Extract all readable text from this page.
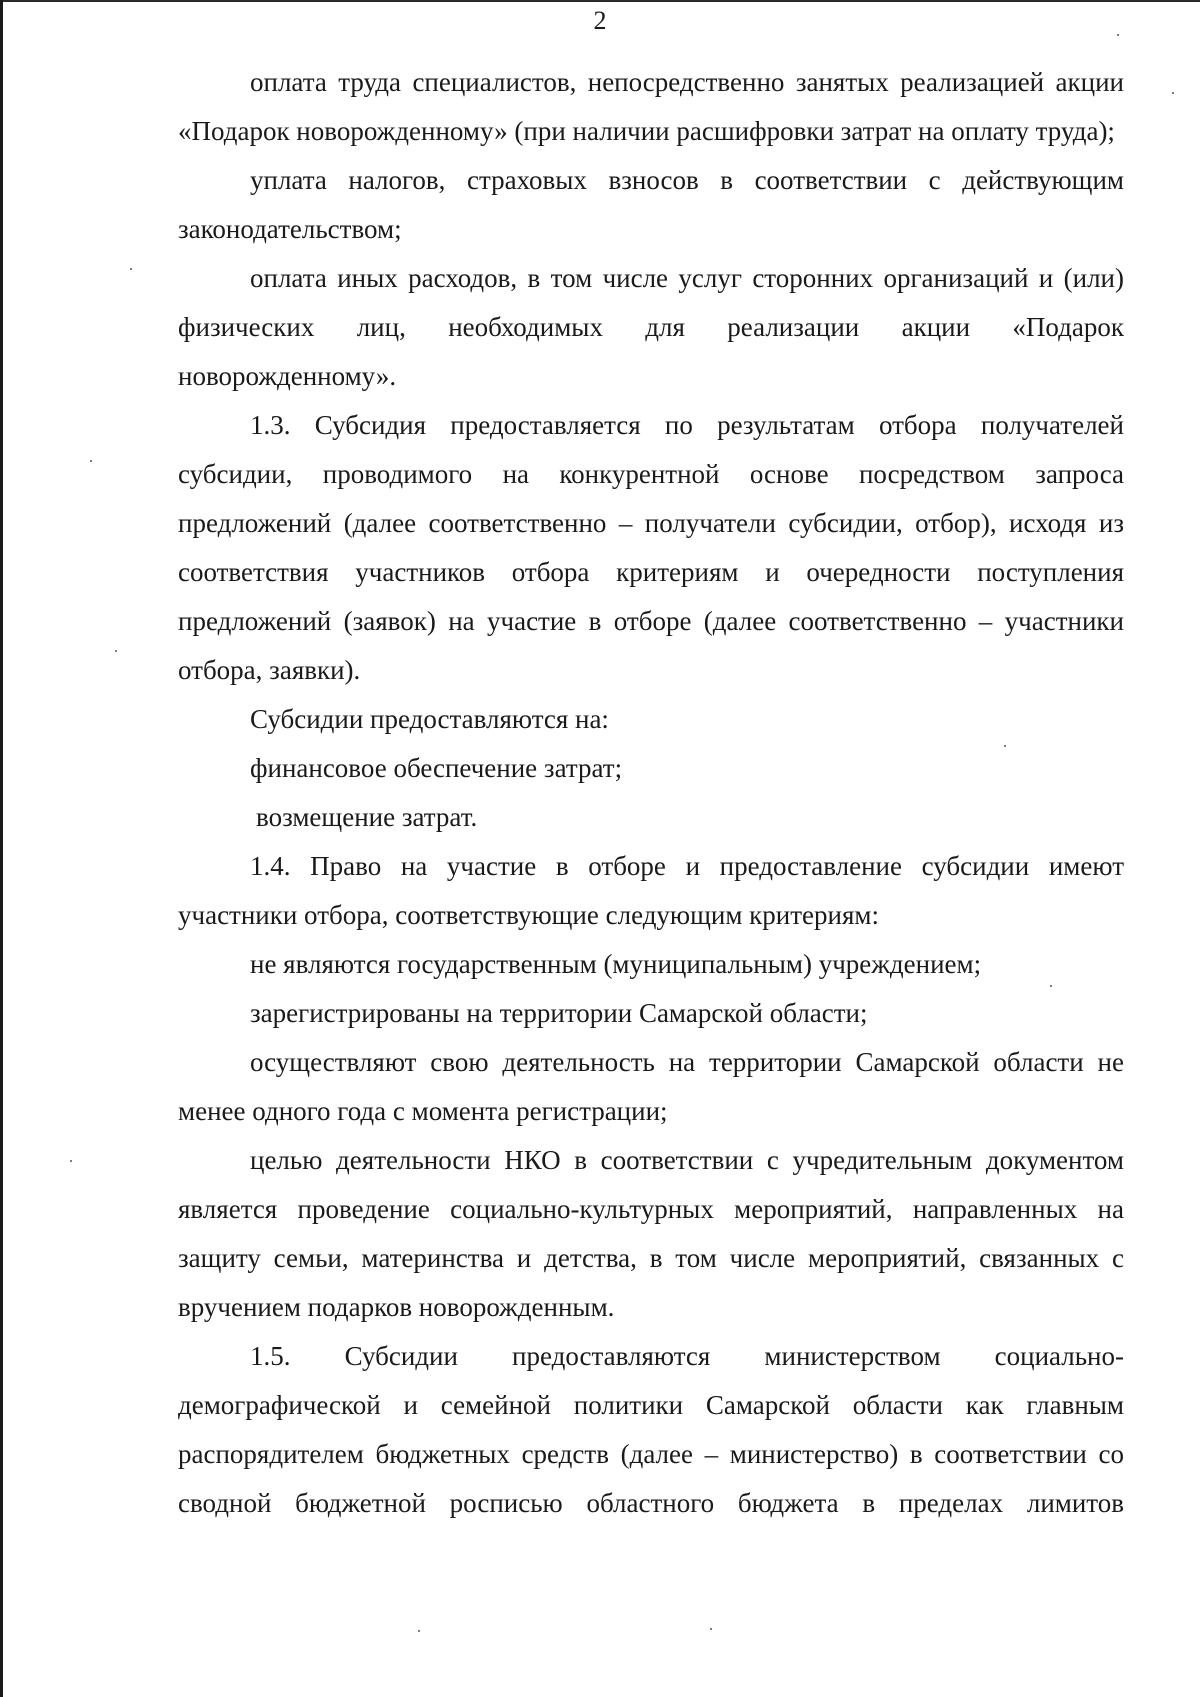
2

оплата труда специалистов, непосредственно занятых реализацией акции «Подарок новорожденному» (при наличии расшифровки затрат на оплату труда);

уплата налогов, страховых взносов в соответствии с действующим законодательством;

оплата иных расходов, в том числе услуг сторонних организаций и (или) физических лиц, необходимых для реализации акции «Подарок новорожденному».

1.3. Субсидия предоставляется по результатам отбора получателей субсидии, проводимого на конкурентной основе посредством запроса предложений (далее соответственно – получатели субсидии, отбор), исходя из соответствия участников отбора критериям и очередности поступления предложений (заявок) на участие в отборе (далее соответственно – участники отбора, заявки).

Субсидии предоставляются на:

финансовое обеспечение затрат;

возмещение затрат.

1.4. Право на участие в отборе и предоставление субсидии имеют участники отбора, соответствующие следующим критериям:

не являются государственным (муниципальным) учреждением;

зарегистрированы на территории Самарской области;

осуществляют свою деятельность на территории Самарской области не менее одного года с момента регистрации;

целью деятельности НКО в соответствии с учредительным документом является проведение социально-культурных мероприятий, направленных на защиту семьи, материнства и детства, в том числе мероприятий, связанных с вручением подарков новорожденным.

1.5. Субсидии предоставляются министерством социально-демографической и семейной политики Самарской области как главным распорядителем бюджетных средств (далее – министерство) в соответствии со сводной бюджетной росписью областного бюджета в пределах лимитов
